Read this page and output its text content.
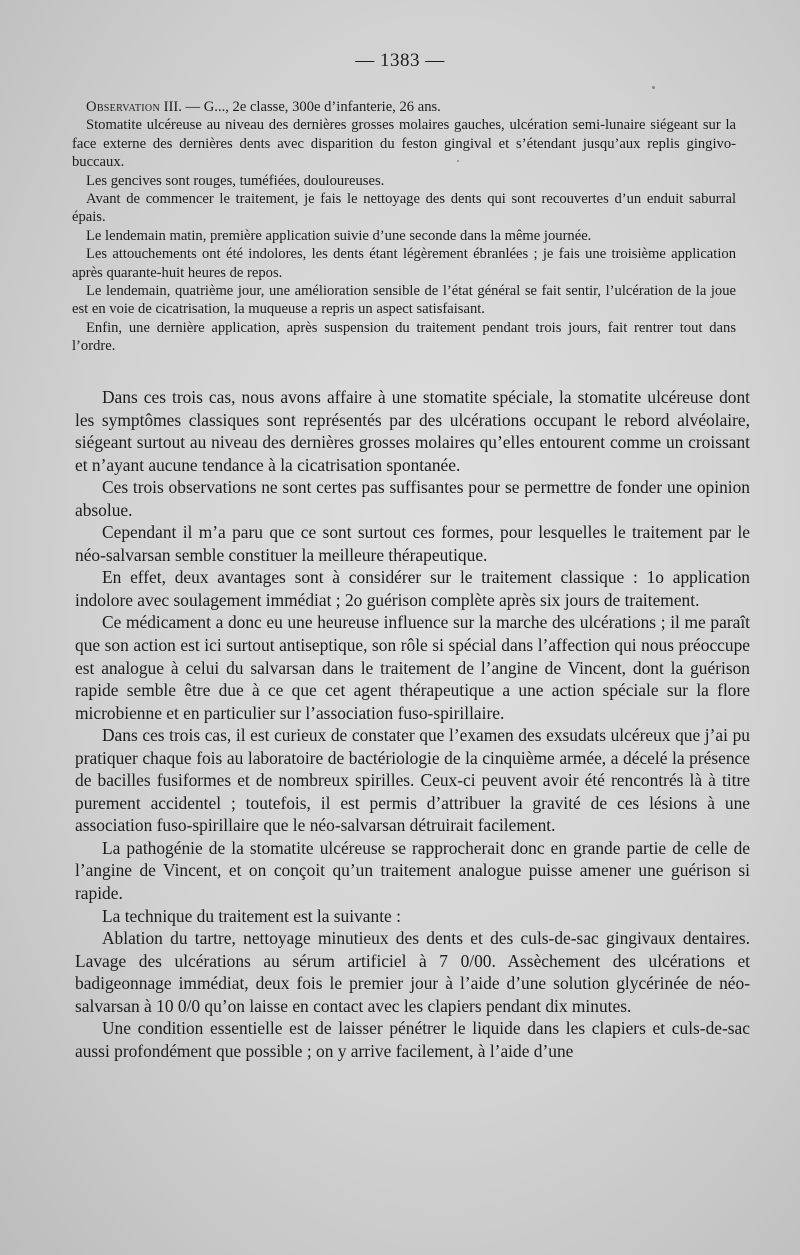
— 1383 —

Observation III. — G..., 2e classe, 300e d’infanterie, 26 ans.

Stomatite ulcéreuse au niveau des dernières grosses molaires gauches, ulcération semi-lunaire siégeant sur la face externe des dernières dents avec disparition du feston gingival et s’étendant jusqu’aux replis gingivo-buccaux.

Les gencives sont rouges, tuméfiées, douloureuses.

Avant de commencer le traitement, je fais le nettoyage des dents qui sont recouvertes d’un enduit saburral épais.

Le lendemain matin, première application suivie d’une seconde dans la même journée.

Les attouchements ont été indolores, les dents étant légèrement ébranlées ; je fais une troisième application après quarante-huit heures de repos.

Le lendemain, quatrième jour, une amélioration sensible de l’état général se fait sentir, l’ulcération de la joue est en voie de cicatrisation, la muqueuse a repris un aspect satisfaisant.

Enfin, une dernière application, après suspension du traitement pendant trois jours, fait rentrer tout dans l’ordre.

Dans ces trois cas, nous avons affaire à une stomatite spéciale, la stomatite ulcéreuse dont les symptômes classiques sont représentés par des ulcérations occupant le rebord alvéolaire, siégeant surtout au niveau des dernières grosses molaires qu’elles entourent comme un croissant et n’ayant aucune tendance à la cicatrisation spontanée.

Ces trois observations ne sont certes pas suffisantes pour se permettre de fonder une opinion absolue.

Cependant il m’a paru que ce sont surtout ces formes, pour lesquelles le traitement par le néo-salvarsan semble constituer la meilleure thérapeutique.

En effet, deux avantages sont à considérer sur le traitement classique : 1o application indolore avec soulagement immédiat ; 2o guérison complète après six jours de traitement.

Ce médicament a donc eu une heureuse influence sur la marche des ulcérations ; il me paraît que son action est ici surtout antiseptique, son rôle si spécial dans l’affection qui nous préoccupe est analogue à celui du salvarsan dans le traitement de l’angine de Vincent, dont la guérison rapide semble être due à ce que cet agent thérapeutique a une action spéciale sur la flore microbienne et en particulier sur l’association fuso-spirillaire.

Dans ces trois cas, il est curieux de constater que l’examen des exsudats ulcéreux que j’ai pu pratiquer chaque fois au laboratoire de bactériologie de la cinquième armée, a décelé la présence de bacilles fusiformes et de nombreux spirilles. Ceux-ci peuvent avoir été rencontrés là à titre purement accidentel ; toutefois, il est permis d’attribuer la gravité de ces lésions à une association fuso-spirillaire que le néo-salvarsan détruirait facilement.

La pathogénie de la stomatite ulcéreuse se rapprocherait donc en grande partie de celle de l’angine de Vincent, et on conçoit qu’un traitement analogue puisse amener une guérison si rapide.

La technique du traitement est la suivante :

Ablation du tartre, nettoyage minutieux des dents et des culs-de-sac gingivaux dentaires. Lavage des ulcérations au sérum artificiel à 7 0/00. Assèchement des ulcérations et badigeonnage immédiat, deux fois le premier jour à l’aide d’une solution glycérinée de néo-salvarsan à 10 0/0 qu’on laisse en contact avec les clapiers pendant dix minutes.

Une condition essentielle est de laisser pénétrer le liquide dans les clapiers et culs-de-sac aussi profondément que possible ; on y arrive facilement, à l’aide d’une
